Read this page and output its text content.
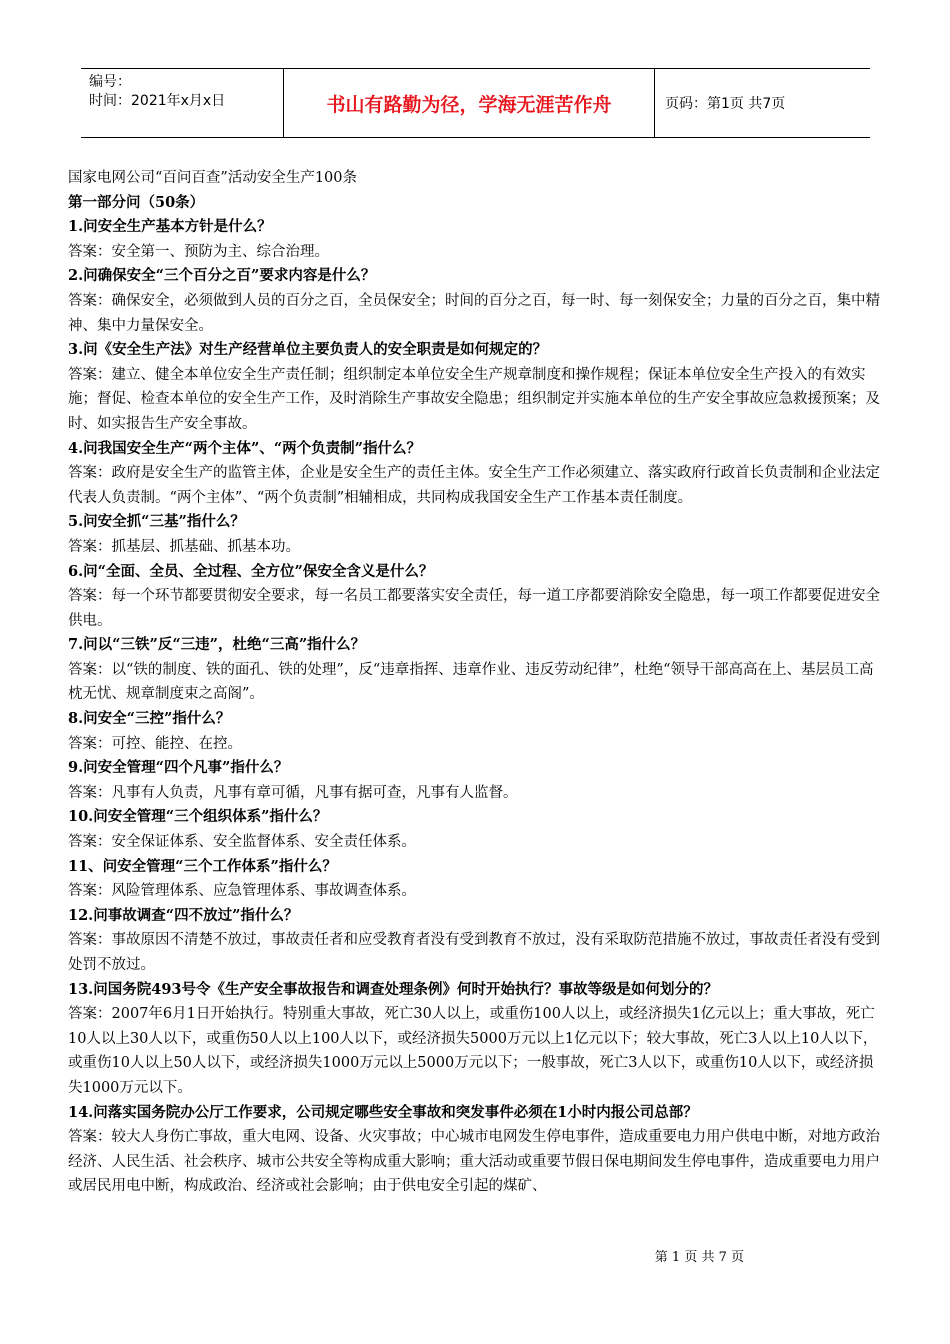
编号：
时间：2021年x月x日	书山有路勤为径，学海无涯苦作舟	页码：第1页 共7页

国家电网公司“百问百查”活动安全生产100条

第一部分问（50条）

1.问安全生产基本方针是什么？

答案：安全第一、预防为主、综合治理。

2.问确保安全“三个百分之百”要求内容是什么？

答案：确保安全，必须做到人员的百分之百，全员保安全；时间的百分之百，每一时、每一刻保安全；力量的百分之百，集中精神、集中力量保安全。

3.问《安全生产法》对生产经营单位主要负责人的安全职责是如何规定的？

答案：建立、健全本单位安全生产责任制；组织制定本单位安全生产规章制度和操作规程；保证本单位安全生产投入的有效实施；督促、检查本单位的安全生产工作，及时消除生产事故安全隐患；组织制定并实施本单位的生产安全事故应急救援预案；及时、如实报告生产安全事故。

4.问我国安全生产“两个主体”、“两个负责制”指什么？

答案：政府是安全生产的监管主体，企业是安全生产的责任主体。安全生产工作必须建立、落实政府行政首长负责制和企业法定代表人负责制。“两个主体”、“两个负责制”相辅相成，共同构成我国安全生产工作基本责任制度。

5.问安全抓“三基”指什么？

答案：抓基层、抓基础、抓基本功。

6.问“全面、全员、全过程、全方位”保安全含义是什么？

答案：每一个环节都要贯彻安全要求，每一名员工都要落实安全责任，每一道工序都要消除安全隐患，每一项工作都要促进安全供电。

7.问以“三铁”反“三违”，杜绝“三高”指什么？

答案：以“铁的制度、铁的面孔、铁的处理”，反“违章指挥、违章作业、违反劳动纪律”，杜绝“领导干部高高在上、基层员工高枕无忧、规章制度束之高阁”。

8.问安全“三控”指什么？

答案：可控、能控、在控。

9.问安全管理“四个凡事”指什么？

答案：凡事有人负责，凡事有章可循，凡事有据可查，凡事有人监督。

10.问安全管理“三个组织体系”指什么？

答案：安全保证体系、安全监督体系、安全责任体系。

11、问安全管理“三个工作体系”指什么？

答案：风险管理体系、应急管理体系、事故调查体系。

12.问事故调查“四不放过”指什么？

答案：事故原因不清楚不放过，事故责任者和应受教育者没有受到教育不放过，没有采取防范措施不放过，事故责任者没有受到处罚不放过。

13.问国务院493号令《生产安全事故报告和调查处理条例》何时开始执行？事故等级是如何划分的？

答案：2007年6月1日开始执行。特别重大事故，死亡30人以上，或重伤100人以上，或经济损失1亿元以上；重大事故，死亡10人以上30人以下，或重伤50人以上100人以下，或经济损失5000万元以上1亿元以下；较大事故，死亡3人以上10人以下，或重伤10人以上50人以下，或经济损失1000万元以上5000万元以下；一般事故，死亡3人以下，或重伤10人以下，或经济损失1000万元以下。

14.问落实国务院办公厅工作要求，公司规定哪些安全事故和突发事件必须在1小时内报公司总部？

答案：较大人身伤亡事故，重大电网、设备、火灾事故；中心城市电网发生停电事件，造成重要电力用户供电中断，对地方政治经济、人民生活、社会秩序、城市公共安全等构成重大影响；重大活动或重要节假日保电期间发生停电事件，造成重要电力用户或居民用电中断，构成政治、经济或社会影响；由于供电安全引起的煤矿、

第 1 页 共 7 页
